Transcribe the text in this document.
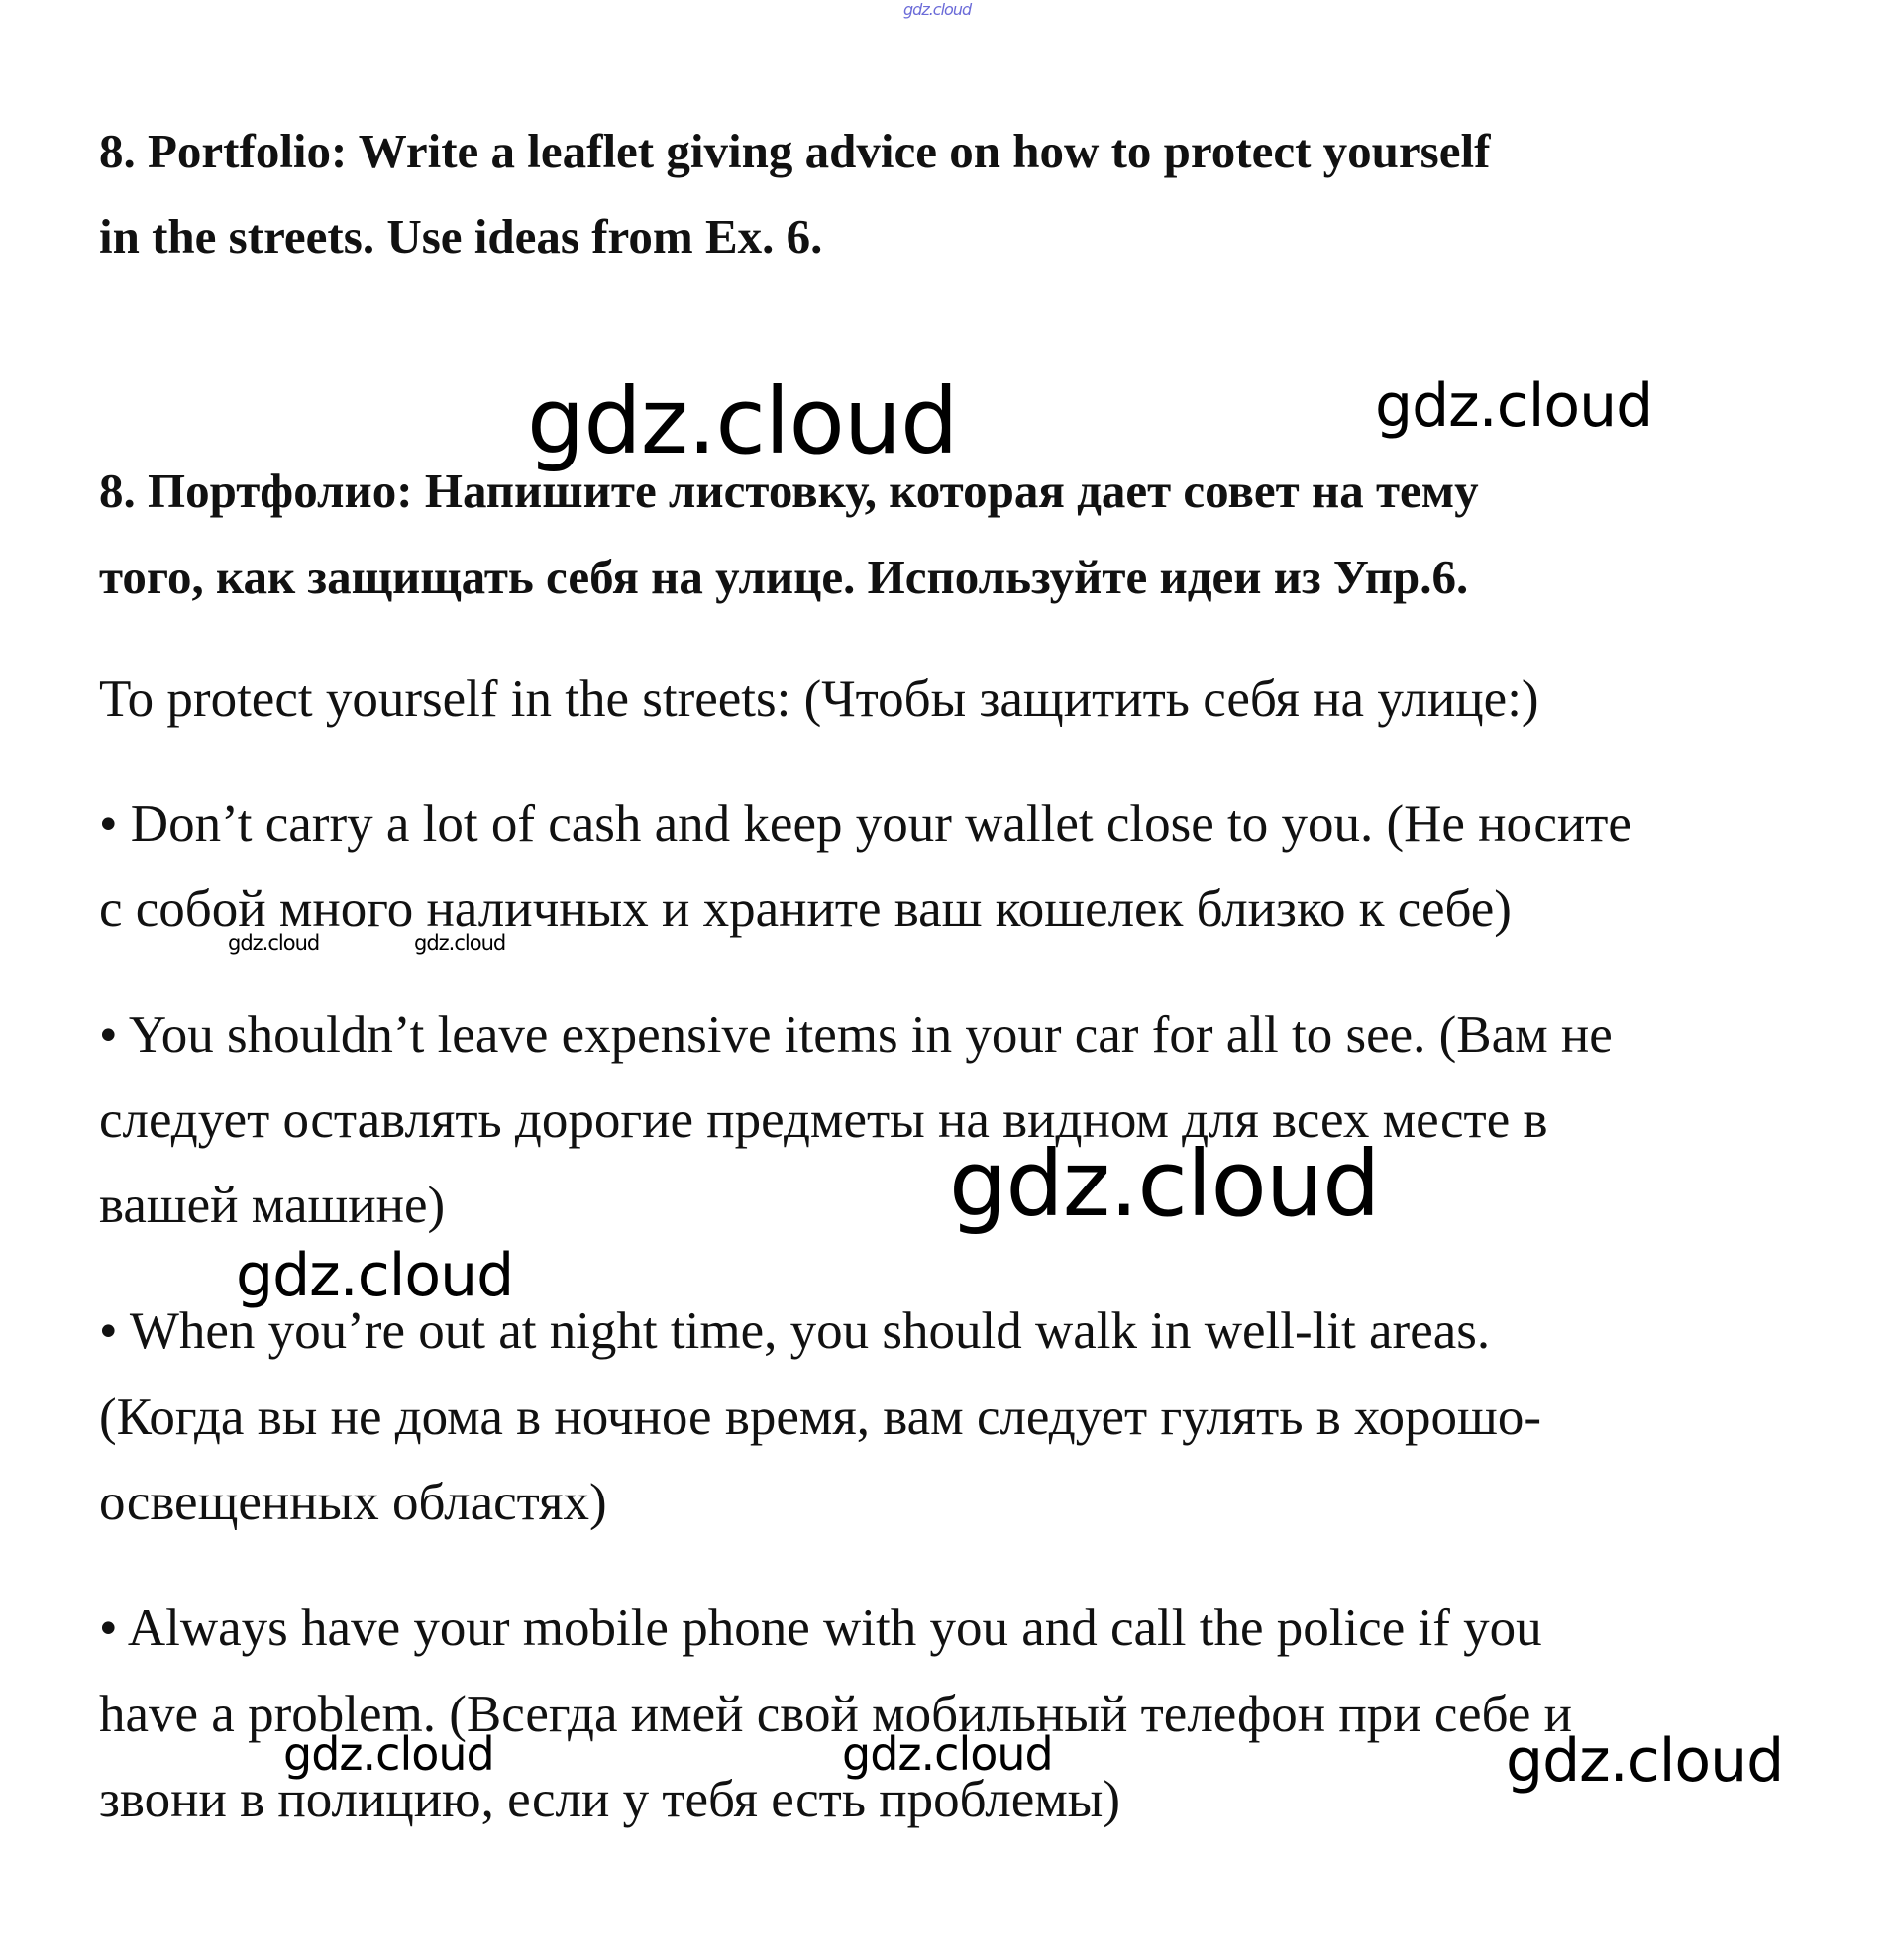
gdz.cloud

8. Portfolio: Write a leaflet giving advice on how to protect yourself

in the streets. Use ideas from Ex. 6.

8. Портфолио: Напишите листовку, которая дает совет на тему

того, как защищать себя на улице. Используйте идеи из Упр.6.

To protect yourself in the streets: (Чтобы защитить себя на улице:)

• Don’t carry a lot of cash and keep your wallet close to you. (Не носите

с собой много наличных и храните ваш кошелек близко к себе)

• You shouldn’t leave expensive items in your car for all to see. (Вам не

следует оставлять дорогие предметы на видном для всех месте в

вашей машине)

• When you’re out at night time, you should walk in well-lit areas.

(Когда вы не дома в ночное время, вам следует гулять в хорошо-

освещенных областях)

• Always have your mobile phone with you and call the police if you

have a problem. (Всегда имей свой мобильный телефон при себе и

звони в полицию, если у тебя есть проблемы)

gdz.cloud	gdz.cloud
gdz.cloud	gdz.cloud
gdz.cloud
gdz.cloud
gdz.cloud	gdz.cloud	gdz.cloud
